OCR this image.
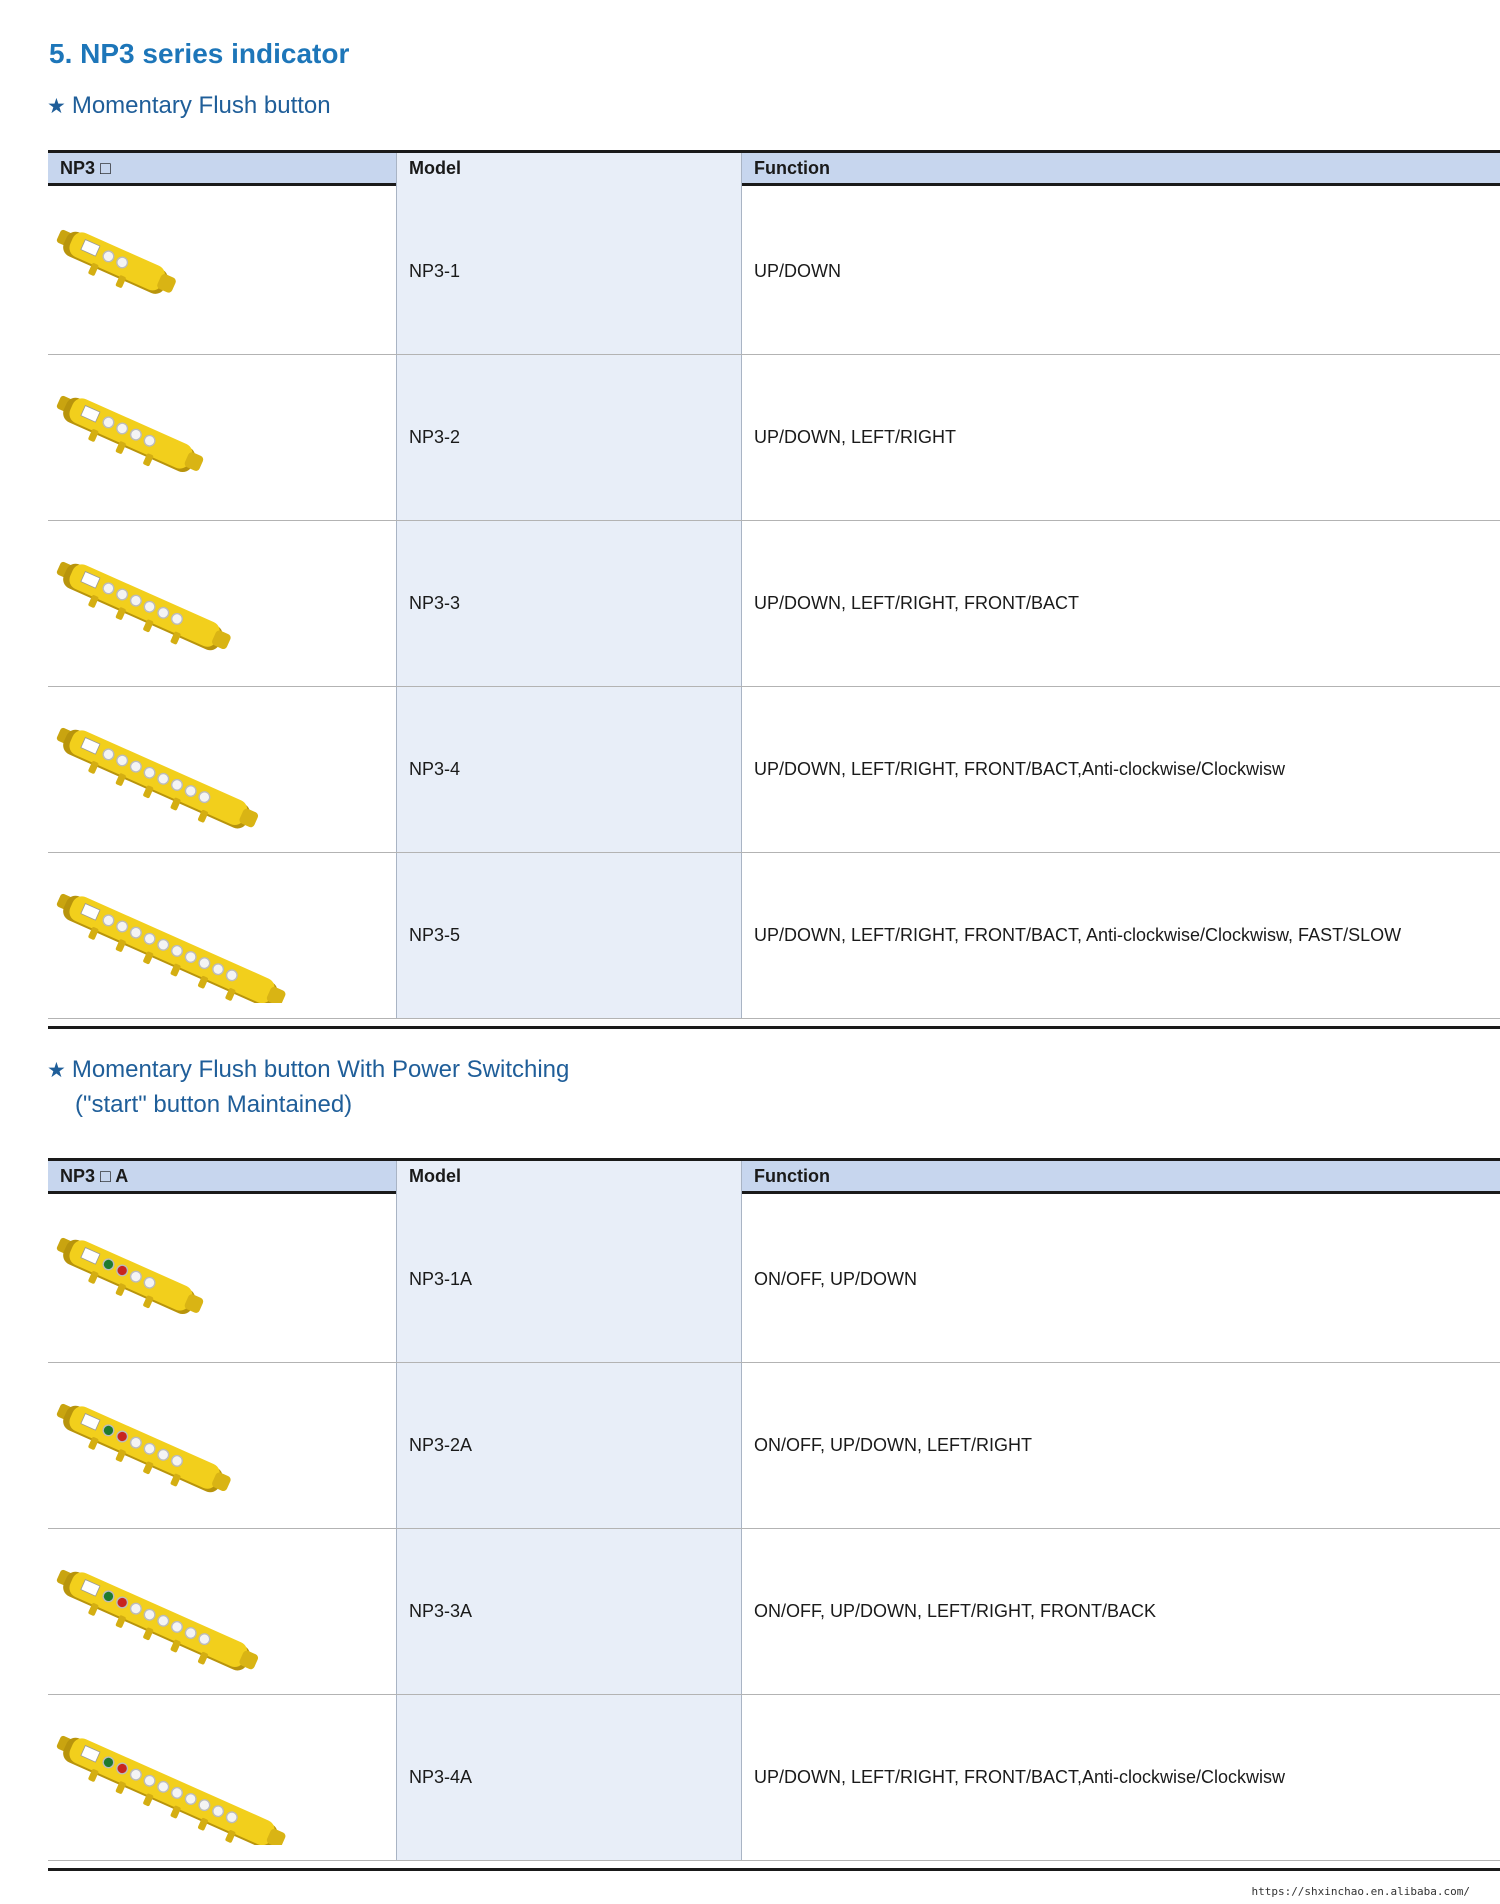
5. NP3 series indicator
★ Momentary Flush button
NP3 □	Model	Function
NP3-1	UP/DOWN
NP3-2	UP/DOWN, LEFT/RIGHT
NP3-3	UP/DOWN, LEFT/RIGHT, FRONT/BACT
NP3-4	UP/DOWN, LEFT/RIGHT, FRONT/BACT,Anti-clockwise/Clockwisw
NP3-5	UP/DOWN, LEFT/RIGHT, FRONT/BACT, Anti-clockwise/Clockwisw, FAST/SLOW
★ Momentary Flush button With Power Switching
("start" button Maintained)
NP3 □ A	Model	Function
NP3-1A	ON/OFF, UP/DOWN
NP3-2A	ON/OFF, UP/DOWN, LEFT/RIGHT
NP3-3A	ON/OFF, UP/DOWN, LEFT/RIGHT, FRONT/BACK
NP3-4A	UP/DOWN, LEFT/RIGHT, FRONT/BACT,Anti-clockwise/Clockwisw
https://shxinchao.en.alibaba.com/
